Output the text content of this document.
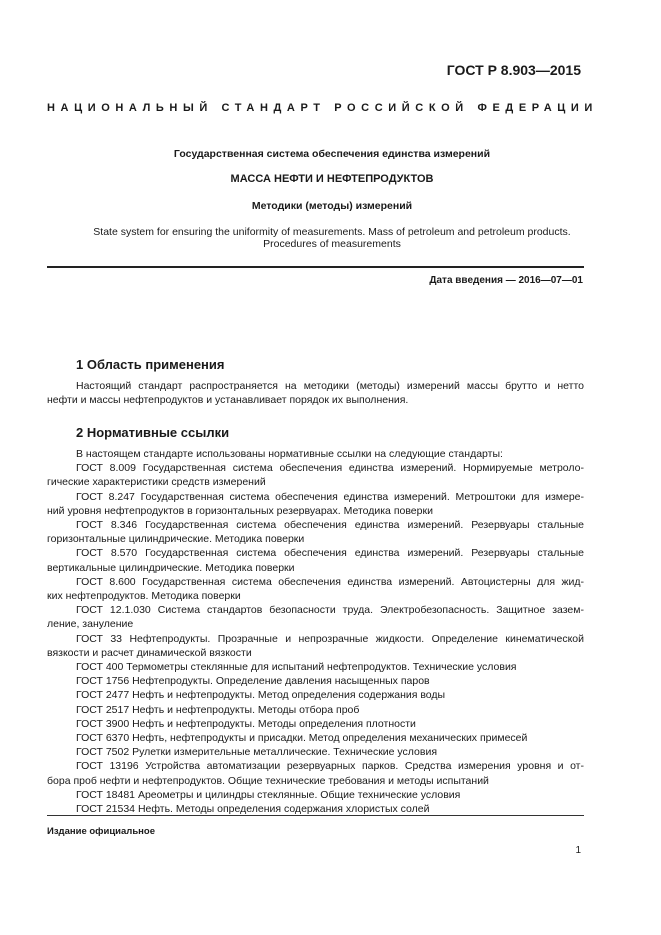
ГОСТ Р 8.903—2015
НАЦИОНАЛЬНЫЙ СТАНДАРТ РОССИЙСКОЙ ФЕДЕРАЦИИ
Государственная система обеспечения единства измерений
МАССА НЕФТИ И НЕФТЕПРОДУКТОВ
Методики (методы) измерений
State system for ensuring the uniformity of measurements. Mass of petroleum and petroleum products.
Procedures of measurements
Дата введения — 2016—07—01
1 Область применения
Настоящий стандарт распространяется на методики (методы) измерений массы брутто и нетто
нефти и массы нефтепродуктов и устанавливает порядок их выполнения.
2 Нормативные ссылки
В настоящем стандарте использованы нормативные ссылки на следующие стандарты:
ГОСТ 8.009 Государственная система обеспечения единства измерений. Нормируемые метроло-
гические характеристики средств измерений
ГОСТ 8.247 Государственная система обеспечения единства измерений. Метроштоки для измере-
ний уровня нефтепродуктов в горизонтальных резервуарах. Методика поверки
ГОСТ 8.346 Государственная система обеспечения единства измерений. Резервуары стальные
горизонтальные цилиндрические. Методика поверки
ГОСТ 8.570 Государственная система обеспечения единства измерений. Резервуары стальные
вертикальные цилиндрические. Методика поверки
ГОСТ 8.600 Государственная система обеспечения единства измерений. Автоцистерны для жид-
ких нефтепродуктов. Методика поверки
ГОСТ 12.1.030 Система стандартов безопасности труда. Электробезопасность. Защитное зазем-
ление, зануление
ГОСТ 33 Нефтепродукты. Прозрачные и непрозрачные жидкости. Определение кинематической
вязкости и расчет динамической вязкости
ГОСТ 400 Термометры стеклянные для испытаний нефтепродуктов. Технические условия
ГОСТ 1756 Нефтепродукты. Определение давления насыщенных паров
ГОСТ 2477 Нефть и нефтепродукты. Метод определения содержания воды
ГОСТ 2517 Нефть и нефтепродукты. Методы отбора проб
ГОСТ 3900 Нефть и нефтепродукты. Методы определения плотности
ГОСТ 6370 Нефть, нефтепродукты и присадки. Метод определения механических примесей
ГОСТ 7502 Рулетки измерительные металлические. Технические условия
ГОСТ 13196 Устройства автоматизации резервуарных парков. Средства измерения уровня и от-
бора проб нефти и нефтепродуктов. Общие технические требования и методы испытаний
ГОСТ 18481 Ареометры и цилиндры стеклянные. Общие технические условия
ГОСТ 21534 Нефть. Методы определения содержания хлористых солей
Издание официальное
1
